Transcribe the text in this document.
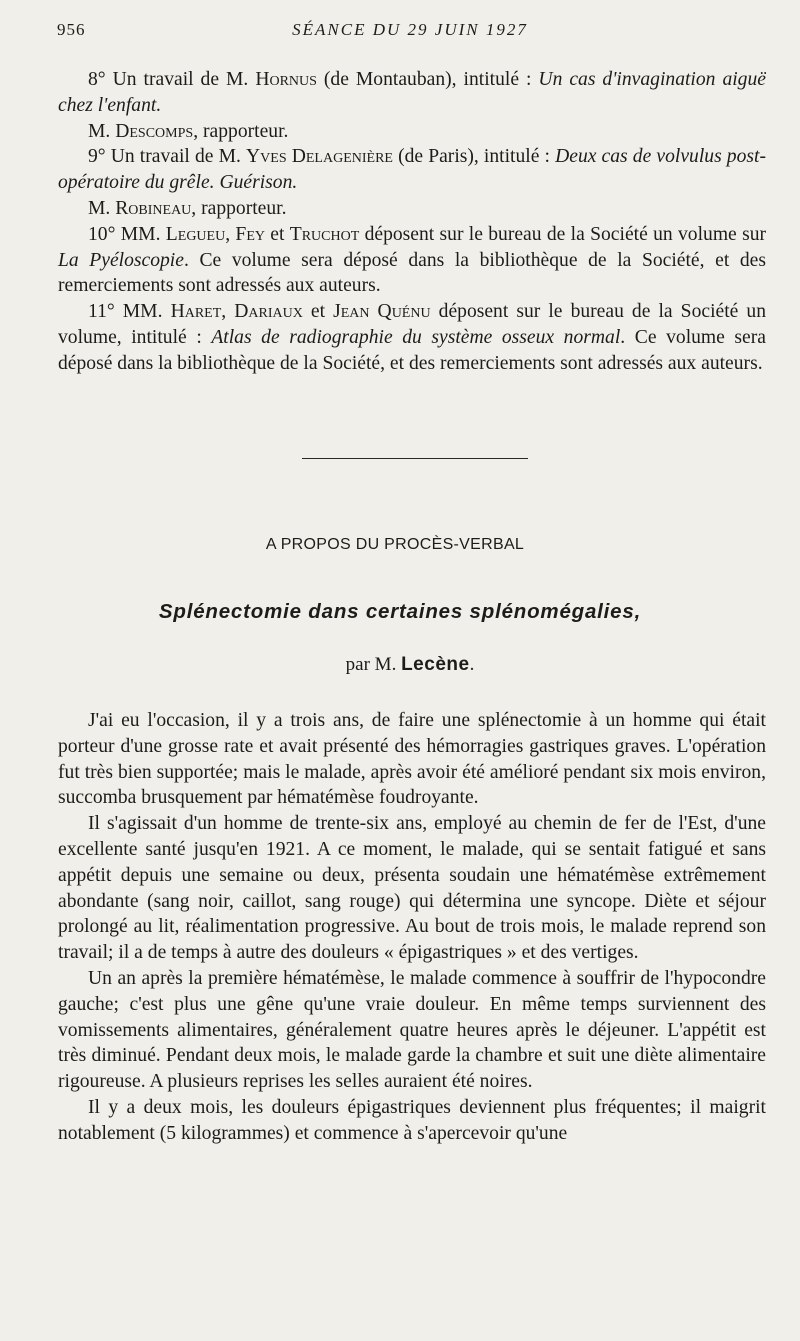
956	SÉANCE DU 29 JUIN 1927

8° Un travail de M. Hornus (de Montauban), intitulé : Un cas d'invagination aiguë chez l'enfant.

M. Descomps, rapporteur.

9° Un travail de M. Yves Delagenière (de Paris), intitulé : Deux cas de volvulus post-opératoire du grêle. Guérison.

M. Robineau, rapporteur.

10° MM. Legueu, Fey et Truchot déposent sur le bureau de la Société un volume sur La Pyéloscopie. Ce volume sera déposé dans la bibliothèque de la Société, et des remerciements sont adressés aux auteurs.

11° MM. Haret, Dariaux et Jean Quénu déposent sur le bureau de la Société un volume, intitulé : Atlas de radiographie du système osseux normal. Ce volume sera déposé dans la bibliothèque de la Société, et des remerciements sont adressés aux auteurs.

A PROPOS DU PROCÈS-VERBAL
Splénectomie dans certaines splénomégalies,
par M. Lecène.

J'ai eu l'occasion, il y a trois ans, de faire une splénectomie à un homme qui était porteur d'une grosse rate et avait présenté des hémorragies gastriques graves. L'opération fut très bien supportée; mais le malade, après avoir été amélioré pendant six mois environ, succomba brusquement par hématémèse foudroyante.

Il s'agissait d'un homme de trente-six ans, employé au chemin de fer de l'Est, d'une excellente santé jusqu'en 1921. A ce moment, le malade, qui se sentait fatigué et sans appétit depuis une semaine ou deux, présenta soudain une hématémèse extrêmement abondante (sang noir, caillot, sang rouge) qui détermina une syncope. Diète et séjour prolongé au lit, réalimentation progressive. Au bout de trois mois, le malade reprend son travail; il a de temps à autre des douleurs « épigastriques » et des vertiges.

Un an après la première hématémèse, le malade commence à souffrir de l'hypocondre gauche; c'est plus une gêne qu'une vraie douleur. En même temps surviennent des vomissements alimentaires, généralement quatre heures après le déjeuner. L'appétit est très diminué. Pendant deux mois, le malade garde la chambre et suit une diète alimentaire rigoureuse. A plusieurs reprises les selles auraient été noires.

Il y a deux mois, les douleurs épigastriques deviennent plus fréquentes; il maigrit notablement (5 kilogrammes) et commence à s'apercevoir qu'une
